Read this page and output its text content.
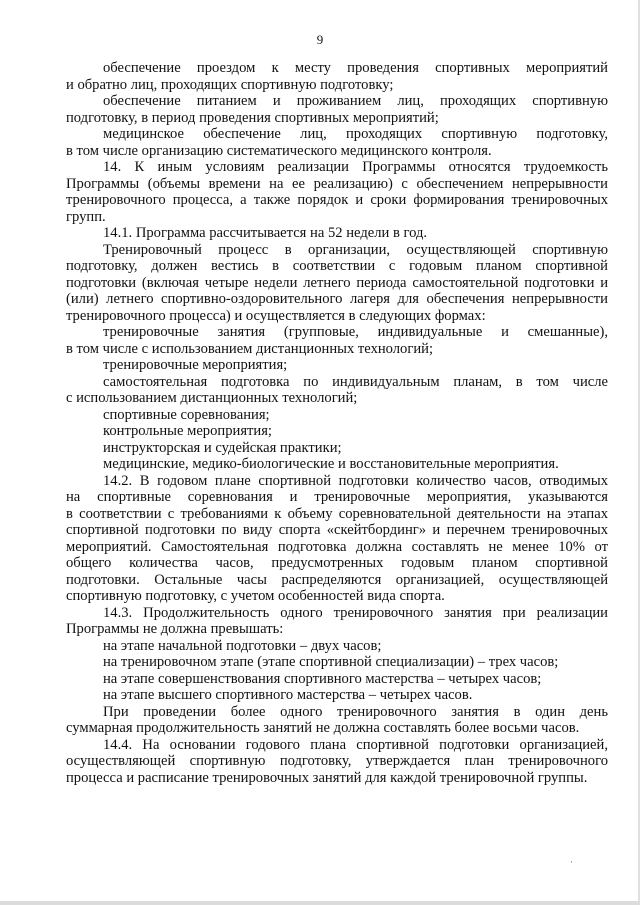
9

обеспечение проездом к месту проведения спортивных мероприятий

и обратно лиц, проходящих спортивную подготовку;

обеспечение питанием и проживанием лиц, проходящих спортивную

подготовку, в период проведения спортивных мероприятий;

медицинское обеспечение лиц, проходящих спортивную подготовку,

в том числе организацию систематического медицинского контроля.

14. К иным условиям реализации Программы относятся трудоемкость

Программы (объемы времени на ее реализацию) с обеспечением непрерывности

тренировочного процесса, а также порядок и сроки формирования тренировочных

групп.

14.1. Программа рассчитывается на 52 недели в год.

Тренировочный процесс в организации, осуществляющей спортивную

подготовку, должен вестись в соответствии с годовым планом спортивной

подготовки (включая четыре недели летнего периода самостоятельной подготовки и

(или) летнего спортивно-оздоровительного лагеря для обеспечения непрерывности

тренировочного процесса) и осуществляется в следующих формах:

тренировочные занятия (групповые, индивидуальные и смешанные),

в том числе с использованием дистанционных технологий;

тренировочные мероприятия;

самостоятельная подготовка по индивидуальным планам, в том числе

с использованием дистанционных технологий;

спортивные соревнования;

контрольные мероприятия;

инструкторская и судейская практики;

медицинские, медико-биологические и восстановительные мероприятия.

14.2. В годовом плане спортивной подготовки количество часов, отводимых

на спортивные соревнования и тренировочные мероприятия, указываются

в соответствии с требованиями к объему соревновательной деятельности на этапах

спортивной подготовки по виду спорта «скейтбординг» и перечнем тренировочных

мероприятий. Самостоятельная подготовка должна составлять не менее 10% от

общего количества часов, предусмотренных годовым планом спортивной

подготовки. Остальные часы распределяются организацией, осуществляющей

спортивную подготовку, с учетом особенностей вида спорта.

14.3. Продолжительность одного тренировочного занятия при реализации

Программы не должна превышать:

на этапе начальной подготовки – двух часов;

на тренировочном этапе (этапе спортивной специализации) – трех часов;

на этапе совершенствования спортивного мастерства – четырех часов;

на этапе высшего спортивного мастерства – четырех часов.

При проведении более одного тренировочного занятия в один день

суммарная продолжительность занятий не должна составлять более восьми часов.

14.4. На основании годового плана спортивной подготовки организацией,

осуществляющей спортивную подготовку, утверждается план тренировочного

процесса и расписание тренировочных занятий для каждой тренировочной группы.

·
